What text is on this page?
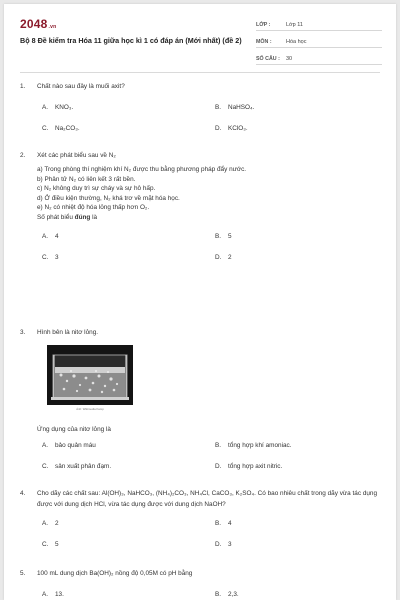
2048.vn
Bộ 8 Đề kiểm tra Hóa 11 giữa học kì 1 có đáp án (Mới nhất) (đề 2)
LỚP :	Lớp 11
MÔN :	Hóa học
SỐ CÂU :	30
1.	Chất nào sau đây là muối axit?
A. KNO₃.	B. NaHSO₄.
C. Na₂CO₃.	D. KClO₃.
2.	Xét các phát biểu sau về N₂
a) Trong phòng thí nghiệm khí N₂ được thu bằng phương pháp đẩy nước.
b) Phân tử N₂ có liên kết 3 rất bền.
c) N₂ không duy trì sự cháy và sự hô hấp.
d) Ở điều kiện thường, N₂ khá trơ về mặt hóa học.
e) N₂ có nhiệt độ hóa lỏng thấp hơn O₂.
Số phát biểu đúng là
A. 4	B. 5
C. 3	D. 2
3.	Hình bên là nitơ lỏng.
Ảnh: Wikimedia Kamp
Ứng dụng của nitơ lỏng là
A. bảo quản máu	B. tổng hợp khí amoniac.
C. sản xuất phân đạm.	D. tổng hợp axit nitric.
4.	Cho dãy các chất sau: Al(OH)₃, NaHCO₃, (NH₄)₂CO₃, NH₄Cl, CaCO₃, K₂SO₄. Có bao nhiêu chất trong dãy vừa tác dụng được với dung dịch HCl, vừa tác dụng được với dung dịch NaOH?
A. 2	B. 4
C. 5	D. 3
5.	100 mL dung dịch Ba(OH)₂ nồng độ 0,05M có pH bằng
A. 13.	B. 2,3.
